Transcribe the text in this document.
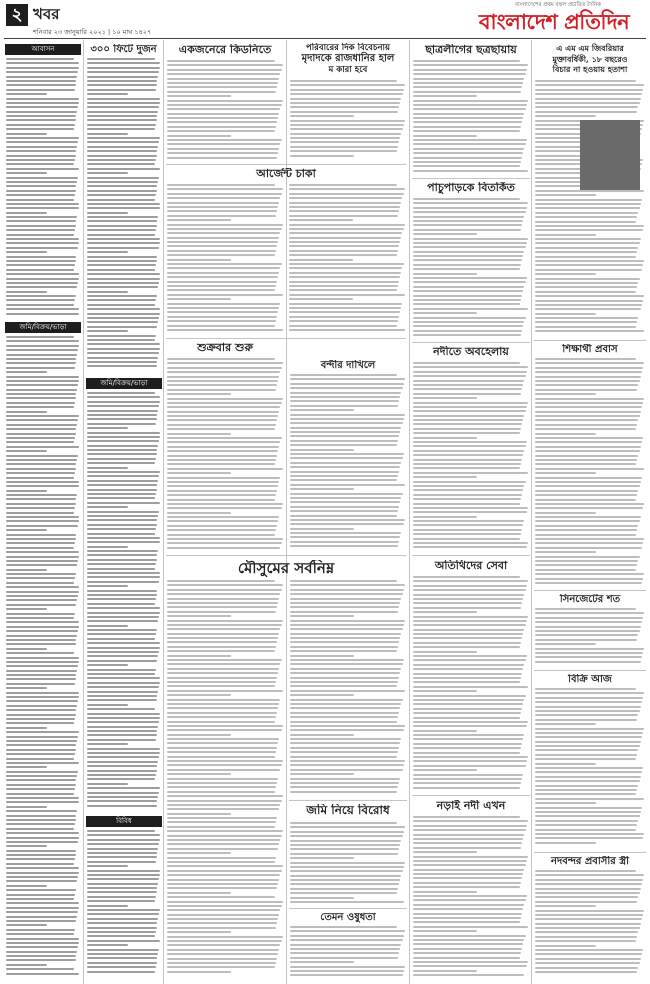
২ খবর
শনিবার ২৩ জানুয়ারি ২০২১ | ১০ মাঘ ১৪২৭
বাংলাদেশের প্রথম বহুল প্রচারিত দৈনিক
বাংলাদেশ প্রতিদিন
আবাসন
জমি/বিক্রয়/ভাড়া
৩০০ ফিটে দুজন
জমি/বিক্রয়/ভাড়া
বিবিধ
একজনেরে কিডনিতে
আর্জেন্ট চাকা
শুক্রবার শুরু
মৌসুমের সর্বনিম্ন
পরিবারের দিক বিবেচনায়
মৃদাদকে রাজধানির হাল
ম কারা হবে
বন্দীর দাখিলে
জমি নিয়ে বিরোধ
তেমন ওষুধতা
ছাত্রলীগের ছত্রছায়ায়
পাচুপাড়কে বিতর্কিত
নদীতে অবহেলায়
অতিথিদের সেবা
নড়াই নদী এখন
এ এম এম জিবরিয়ার
মুক্তাবর্ষিকী, ১৮ বছরেও
বিচার না হওয়ায় হতাশা
শিক্ষার্থী প্রবাস
সিনজেটের শত
বিক্রি আজ
নদবন্দর প্রবাসীর স্ত্রী
